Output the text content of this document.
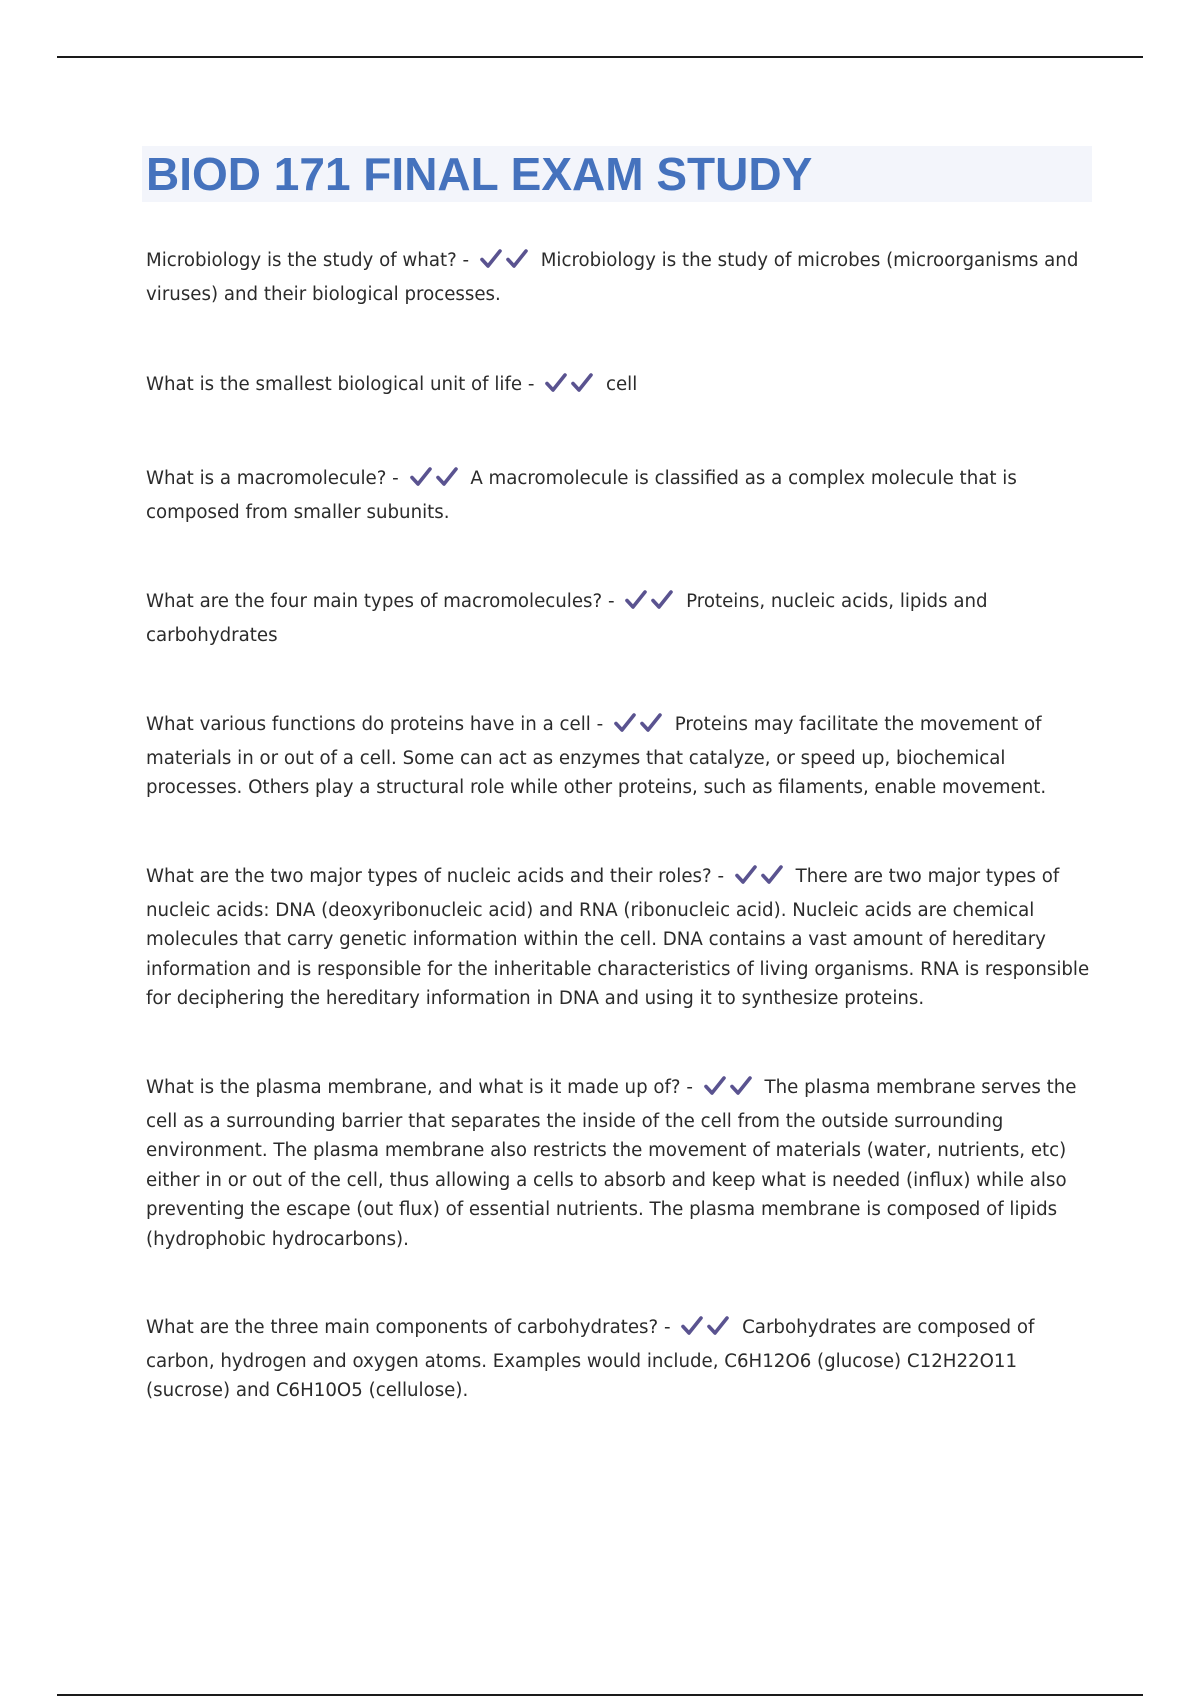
BIOD 171 FINAL EXAM STUDY

Microbiology is the study of what? -	Microbiology is the study of microbes (microorganisms and viruses) and their biological processes.

What is the smallest biological unit of life -	cell

What is a macromolecule? -	A macromolecule is classified as a complex molecule that is composed from smaller subunits.

What are the four main types of macromolecules? -	Proteins, nucleic acids, lipids and carbohydrates

What various functions do proteins have in a cell -	Proteins may facilitate the movement of materials in or out of a cell. Some can act as enzymes that catalyze, or speed up, biochemical processes. Others play a structural role while other proteins, such as filaments, enable movement.

What are the two major types of nucleic acids and their roles? -	There are two major types of nucleic acids: DNA (deoxyribonucleic acid) and RNA (ribonucleic acid). Nucleic acids are chemical molecules that carry genetic information within the cell. DNA contains a vast amount of hereditary information and is responsible for the inheritable characteristics of living organisms. RNA is responsible for deciphering the hereditary information in DNA and using it to synthesize proteins.

What is the plasma membrane, and what is it made up of? -	The plasma membrane serves the cell as a surrounding barrier that separates the inside of the cell from the outside surrounding environment. The plasma membrane also restricts the movement of materials (water, nutrients, etc) either in or out of the cell, thus allowing a cells to absorb and keep what is needed (influx) while also preventing the escape (out flux) of essential nutrients. The plasma membrane is composed of lipids (hydrophobic hydrocarbons).

What are the three main components of carbohydrates? -	Carbohydrates are composed of carbon, hydrogen and oxygen atoms. Examples would include, C6H12O6 (glucose) C12H22O11 (sucrose) and C6H10O5 (cellulose).
